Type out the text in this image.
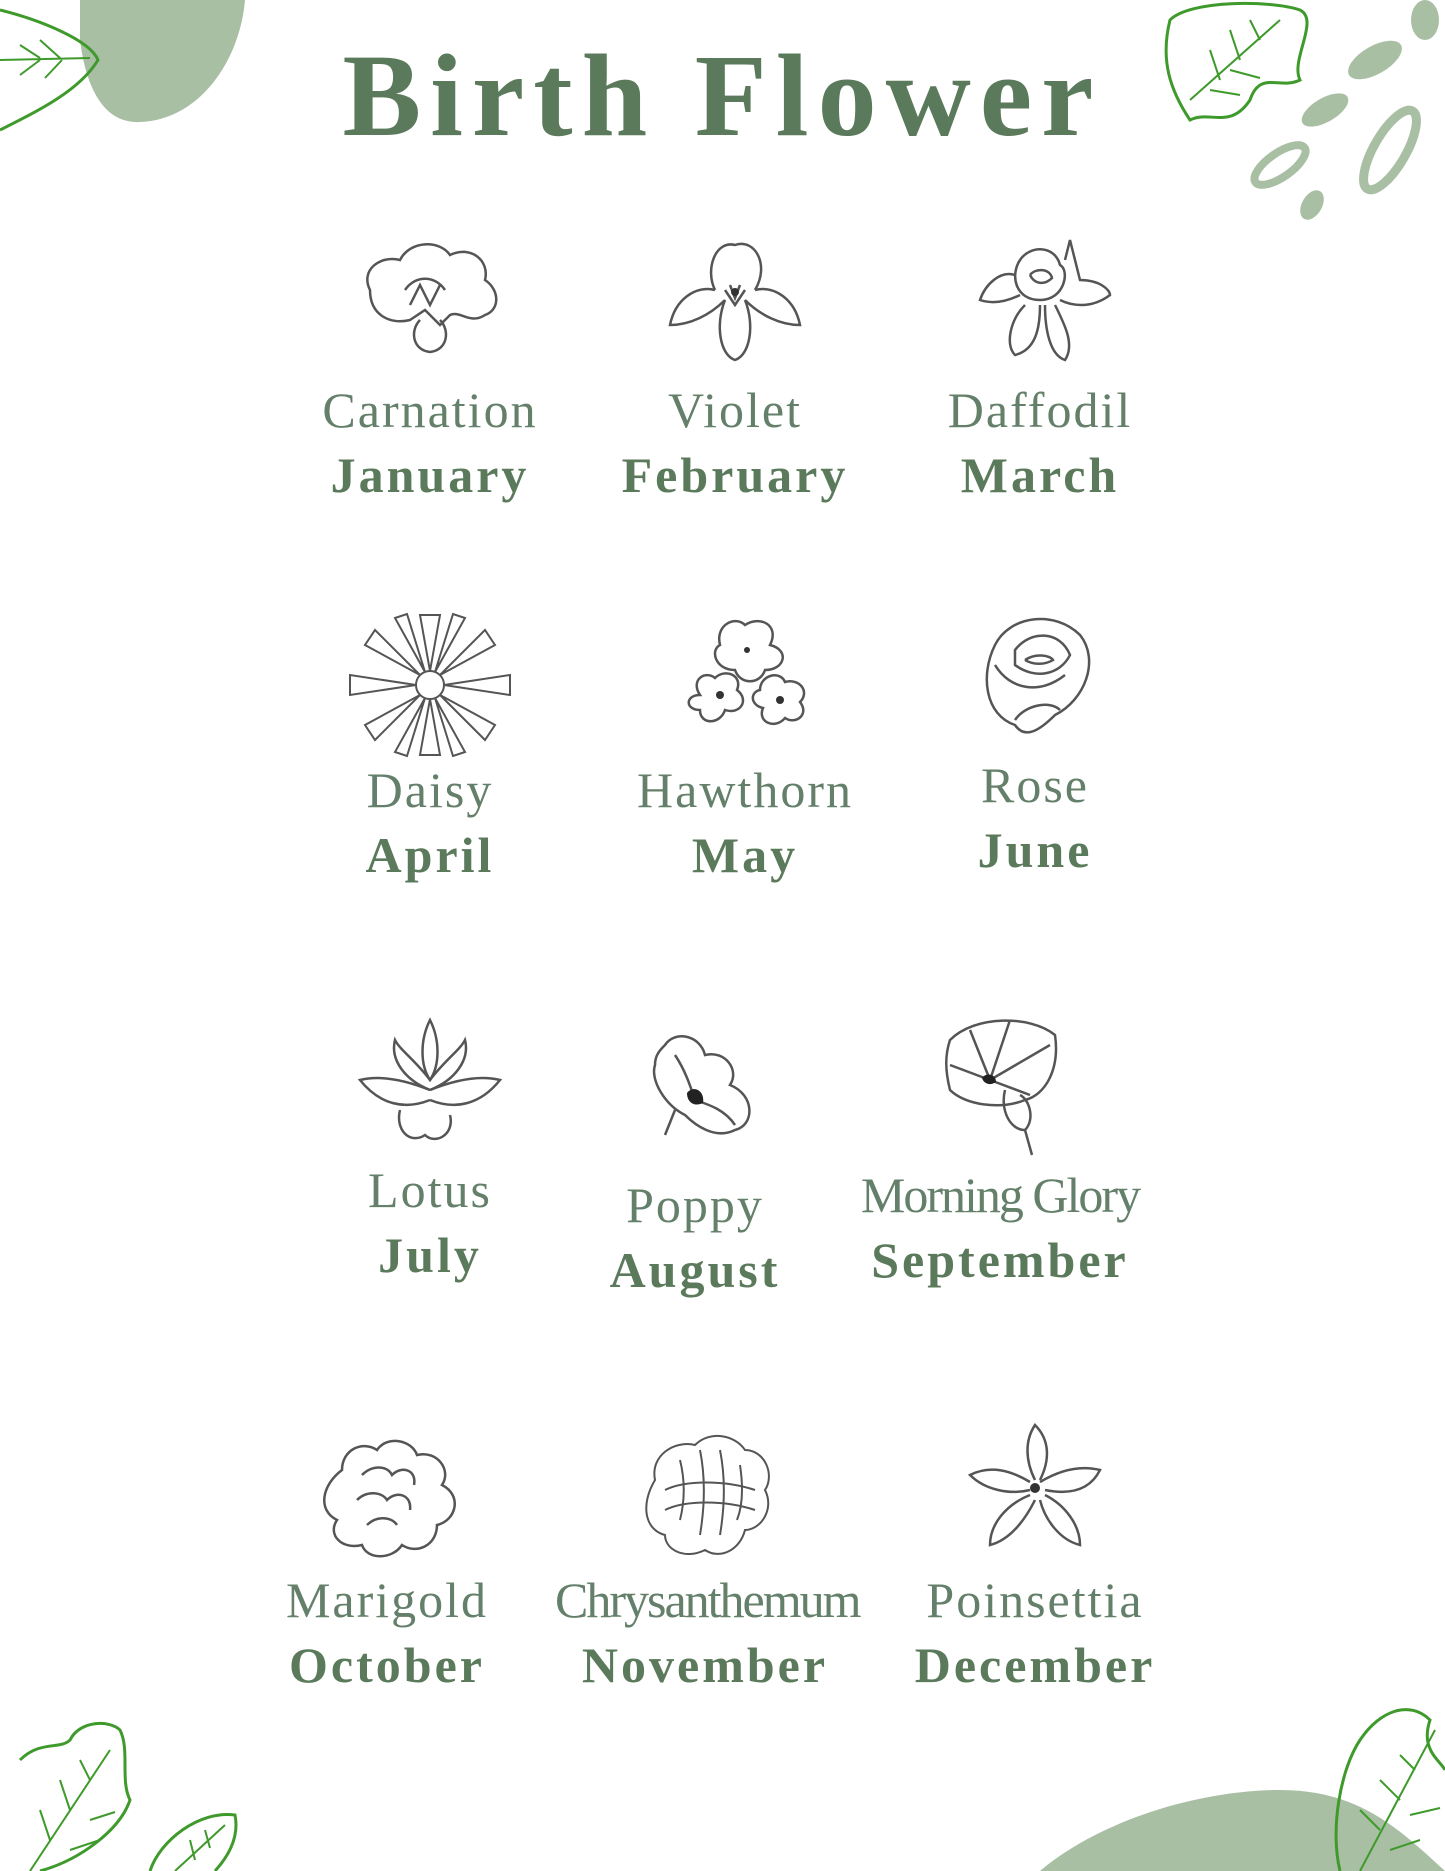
Birth Flower
Carnation
January
Violet
February
Daffodil
March
Daisy
April
Hawthorn
May
Rose
June
Lotus
July
Poppy
August
Morning Glory
September
Marigold
October
Chrysanthemum
November
Poinsettia
December
